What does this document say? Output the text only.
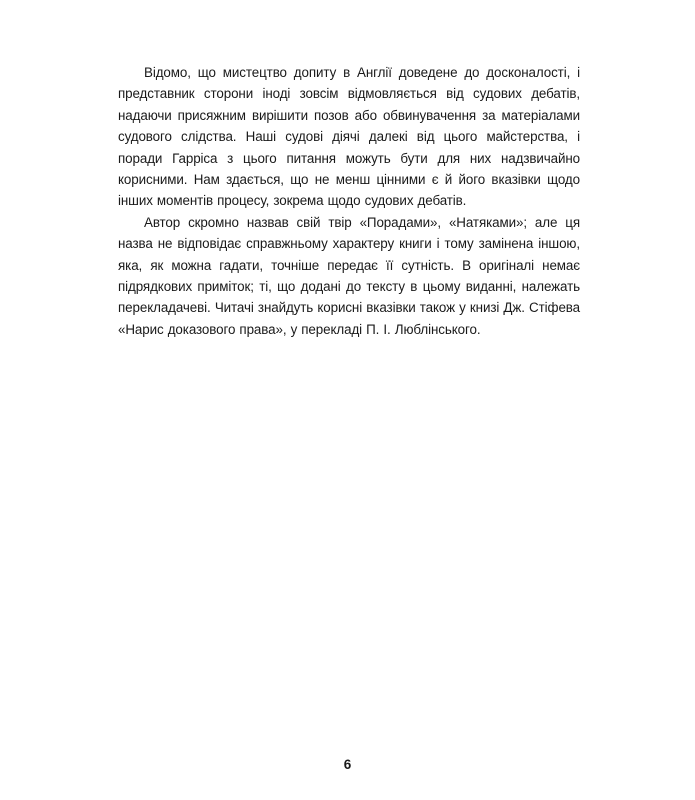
Відомо, що мистецтво допиту в Англії доведене до досконалості, і представник сторони іноді зовсім відмовляється від судових дебатів, надаючи присяжним вирішити позов або обвинувачення за матеріалами судового слідства. Наші судові діячі далекі від цього майстерства, і поради Гарріса з цього питання можуть бути для них надзвичайно корисними. Нам здається, що не менш цінними є й його вказівки щодо інших моментів процесу, зокрема щодо судових дебатів.

Автор скромно назвав свій твір «Порадами», «Натяками»; але ця назва не відповідає справжньому характеру книги і тому замінена іншою, яка, як можна гадати, точніше передає її сутність. В оригіналі немає підрядкових приміток; ті, що додані до тексту в цьому виданні, належать перекладачеві. Читачі знайдуть корисні вказівки також у книзі Дж. Стіфева «Нарис доказового права», у перекладі П. І. Люблінського.

6
